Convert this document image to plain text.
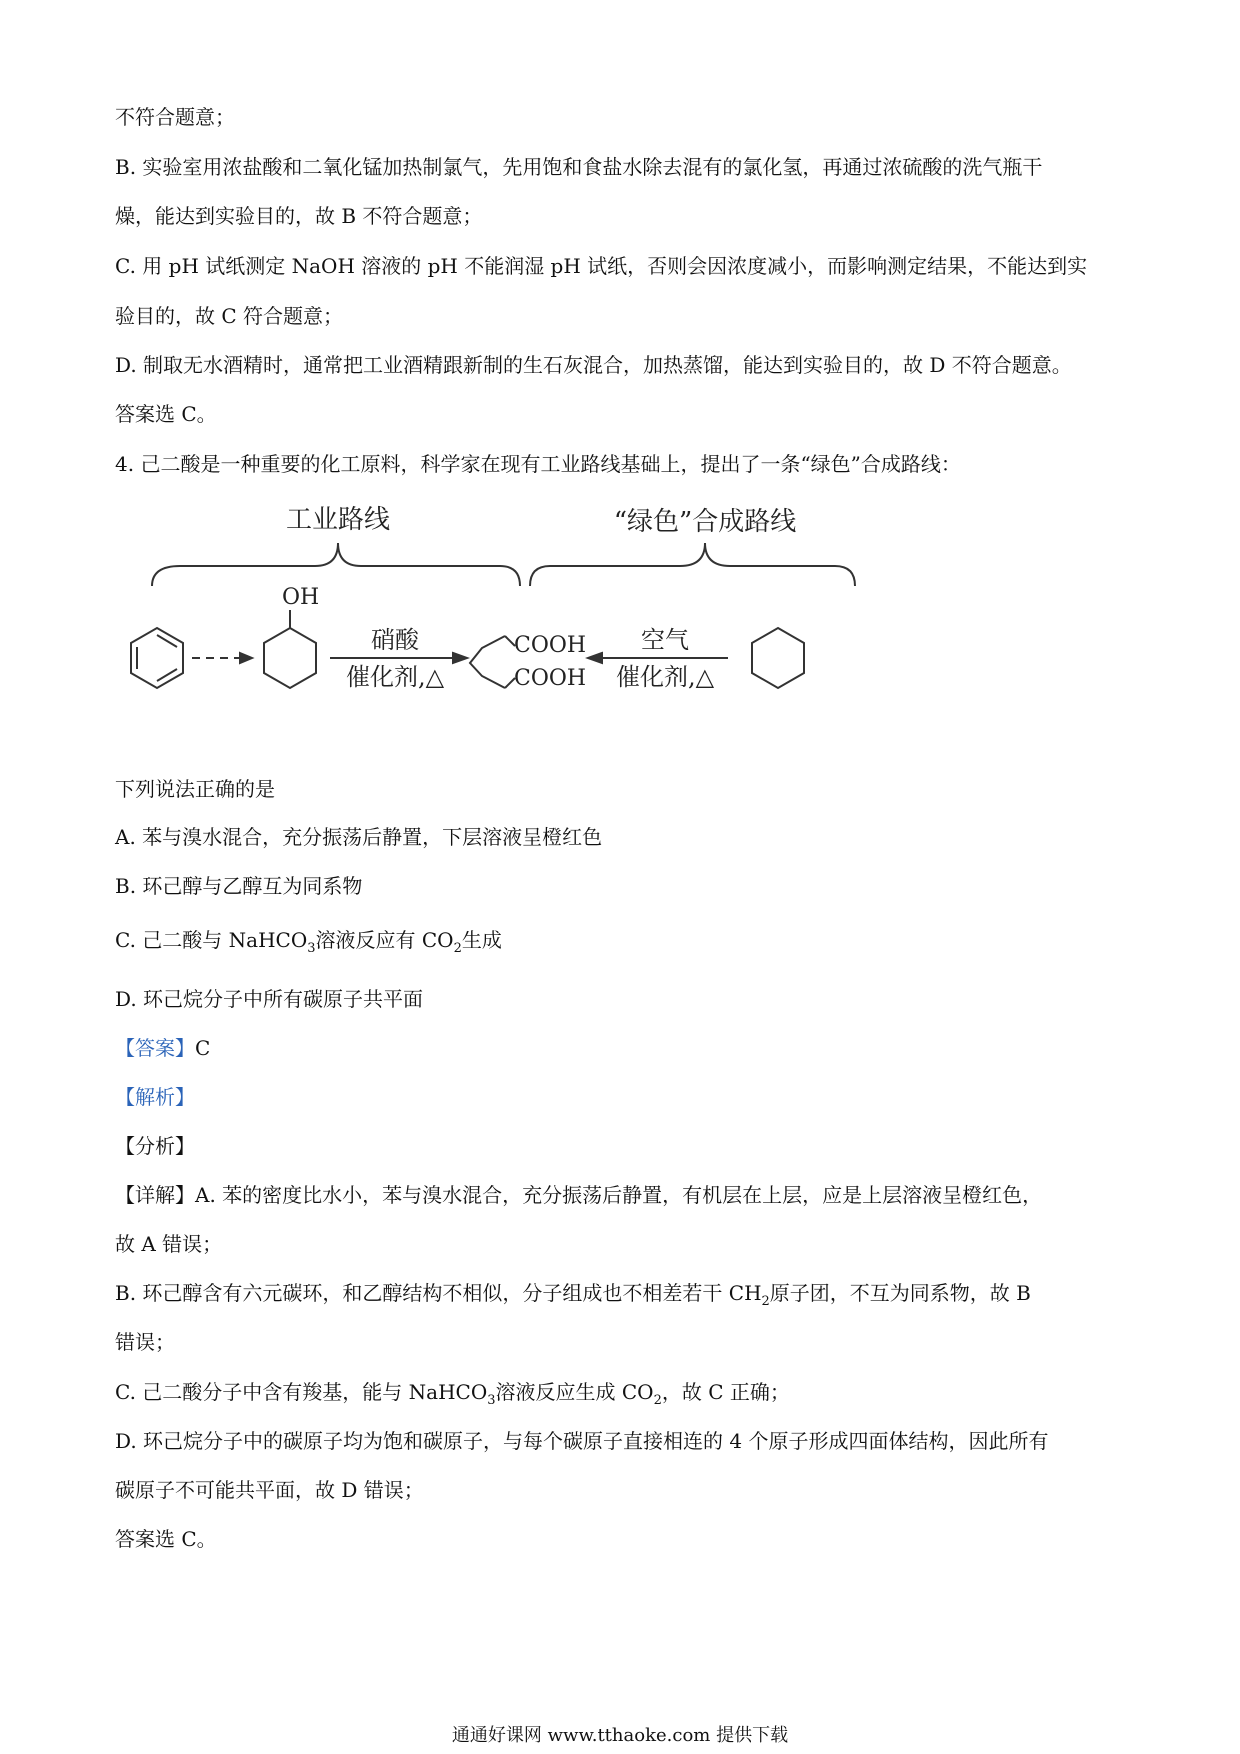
不符合题意；
B. 实验室用浓盐酸和二氧化锰加热制氯气，先用饱和食盐水除去混有的氯化氢，再通过浓硫酸的洗气瓶干
燥，能达到实验目的，故 B 不符合题意；
C. 用 pH 试纸测定 NaOH 溶液的 pH 不能润湿 pH 试纸，否则会因浓度减小，而影响测定结果，不能达到实
验目的，故 C 符合题意；
D. 制取无水酒精时，通常把工业酒精跟新制的生石灰混合，加热蒸馏，能达到实验目的，故 D 不符合题意。
答案选 C。
4. 己二酸是一种重要的化工原料，科学家在现有工业路线基础上，提出了一条“绿色”合成路线：
下列说法正确的是
A. 苯与溴水混合，充分振荡后静置，下层溶液呈橙红色
B. 环己醇与乙醇互为同系物
C. 己二酸与 NaHCO$_3$溶液反应有 $CO_2$生成
D. 环己烷分子中所有碳原子共平面
【答案】C
【解析】
【分析】
【详解】A. 苯的密度比水小，苯与溴水混合，充分振荡后静置，有机层在上层，应是上层溶液呈橙红色，
故 A 错误；
B. 环己醇含有六元碳环，和乙醇结构不相似，分子组成也不相差若干 $CH_2$原子团，不互为同系物，故 B
错误；
C. 己二酸分子中含有羧基，能与 NaHCO$_3$溶液反应生成 $CO_2$，故 C 正确；
D. 环己烷分子中的碳原子均为饱和碳原子，与每个碳原子直接相连的 4 个原子形成四面体结构，因此所有
碳原子不可能共平面，故 D 错误；
答案选 C。
工业路线	“绿色”合成路线
OH
硝酸
催化剂,△
COOH
COOH
空气
催化剂,△
通通好课网 www.tthaoke.com 提供下载
